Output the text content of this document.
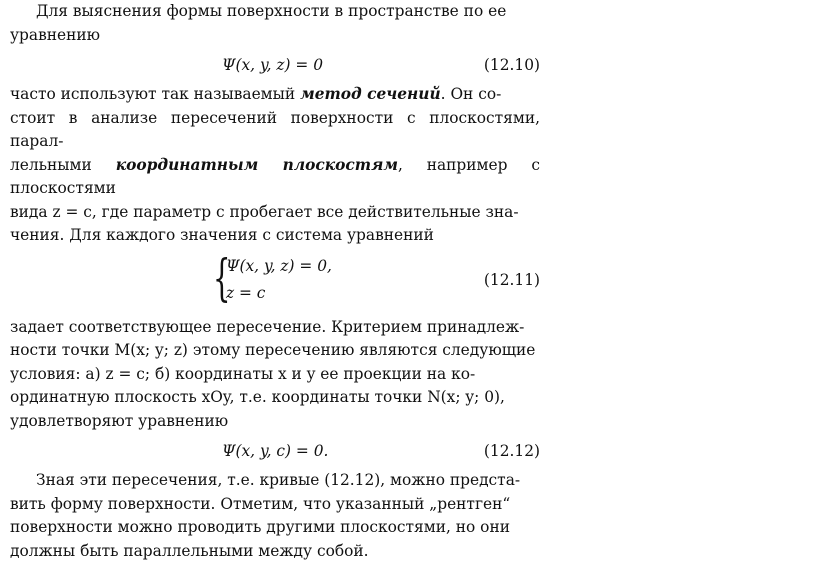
Для выяснения формы поверхности в пространстве по ее
уравнению

Ψ(x, y, z) = 0	(12.10)

часто используют так называемый метод сечений. Он со-
стоит в анализе пересечений поверхности с плоскостями, парал-
лельными координатным плоскостям, например с плоскостями
вида z = c, где параметр c пробегает все действительные зна-
чения. Для каждого значения c система уравнений

{
Ψ(x, y, z) = 0,
z = c
(12.11)

задает соответствующее пересечение. Критерием принадлеж-
ности точки M(x; y; z) этому пересечению являются следующие
условия: а) z = c; б) координаты x и y ее проекции на ко-
ординатную плоскость xOy, т.е. координаты точки N(x; y; 0),
удовлетворяют уравнению

Ψ(x, y, c) = 0.	(12.12)

Зная эти пересечения, т.е. кривые (12.12), можно предста-
вить форму поверхности. Отметим, что указанный „рентген“
поверхности можно проводить другими плоскостями, но они
должны быть параллельными между собой.
